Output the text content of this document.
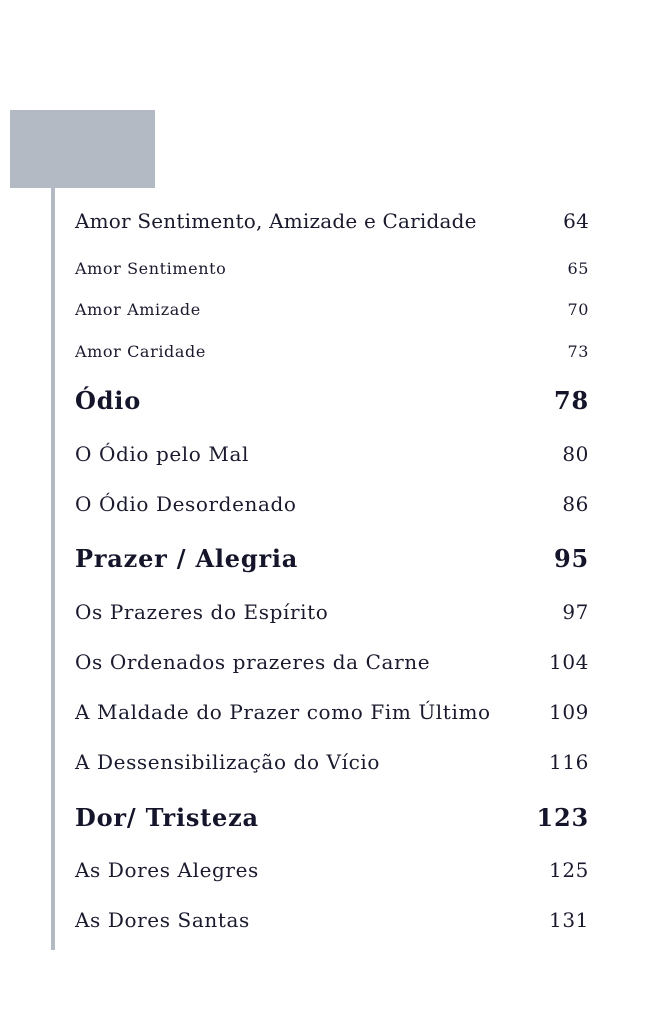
Amor Sentimento, Amizade e Caridade	64
Amor Sentimento	65
Amor Amizade	70
Amor Caridade	73
Ódio	78
O Ódio pelo Mal	80
O Ódio Desordenado	86
Prazer / Alegria	95
Os Prazeres do Espírito	97
Os Ordenados prazeres da Carne	104
A Maldade do Prazer como Fim Último	109
A Dessensibilização do Vício	116
Dor/ Tristeza	123
As Dores Alegres	125
As Dores Santas	131
